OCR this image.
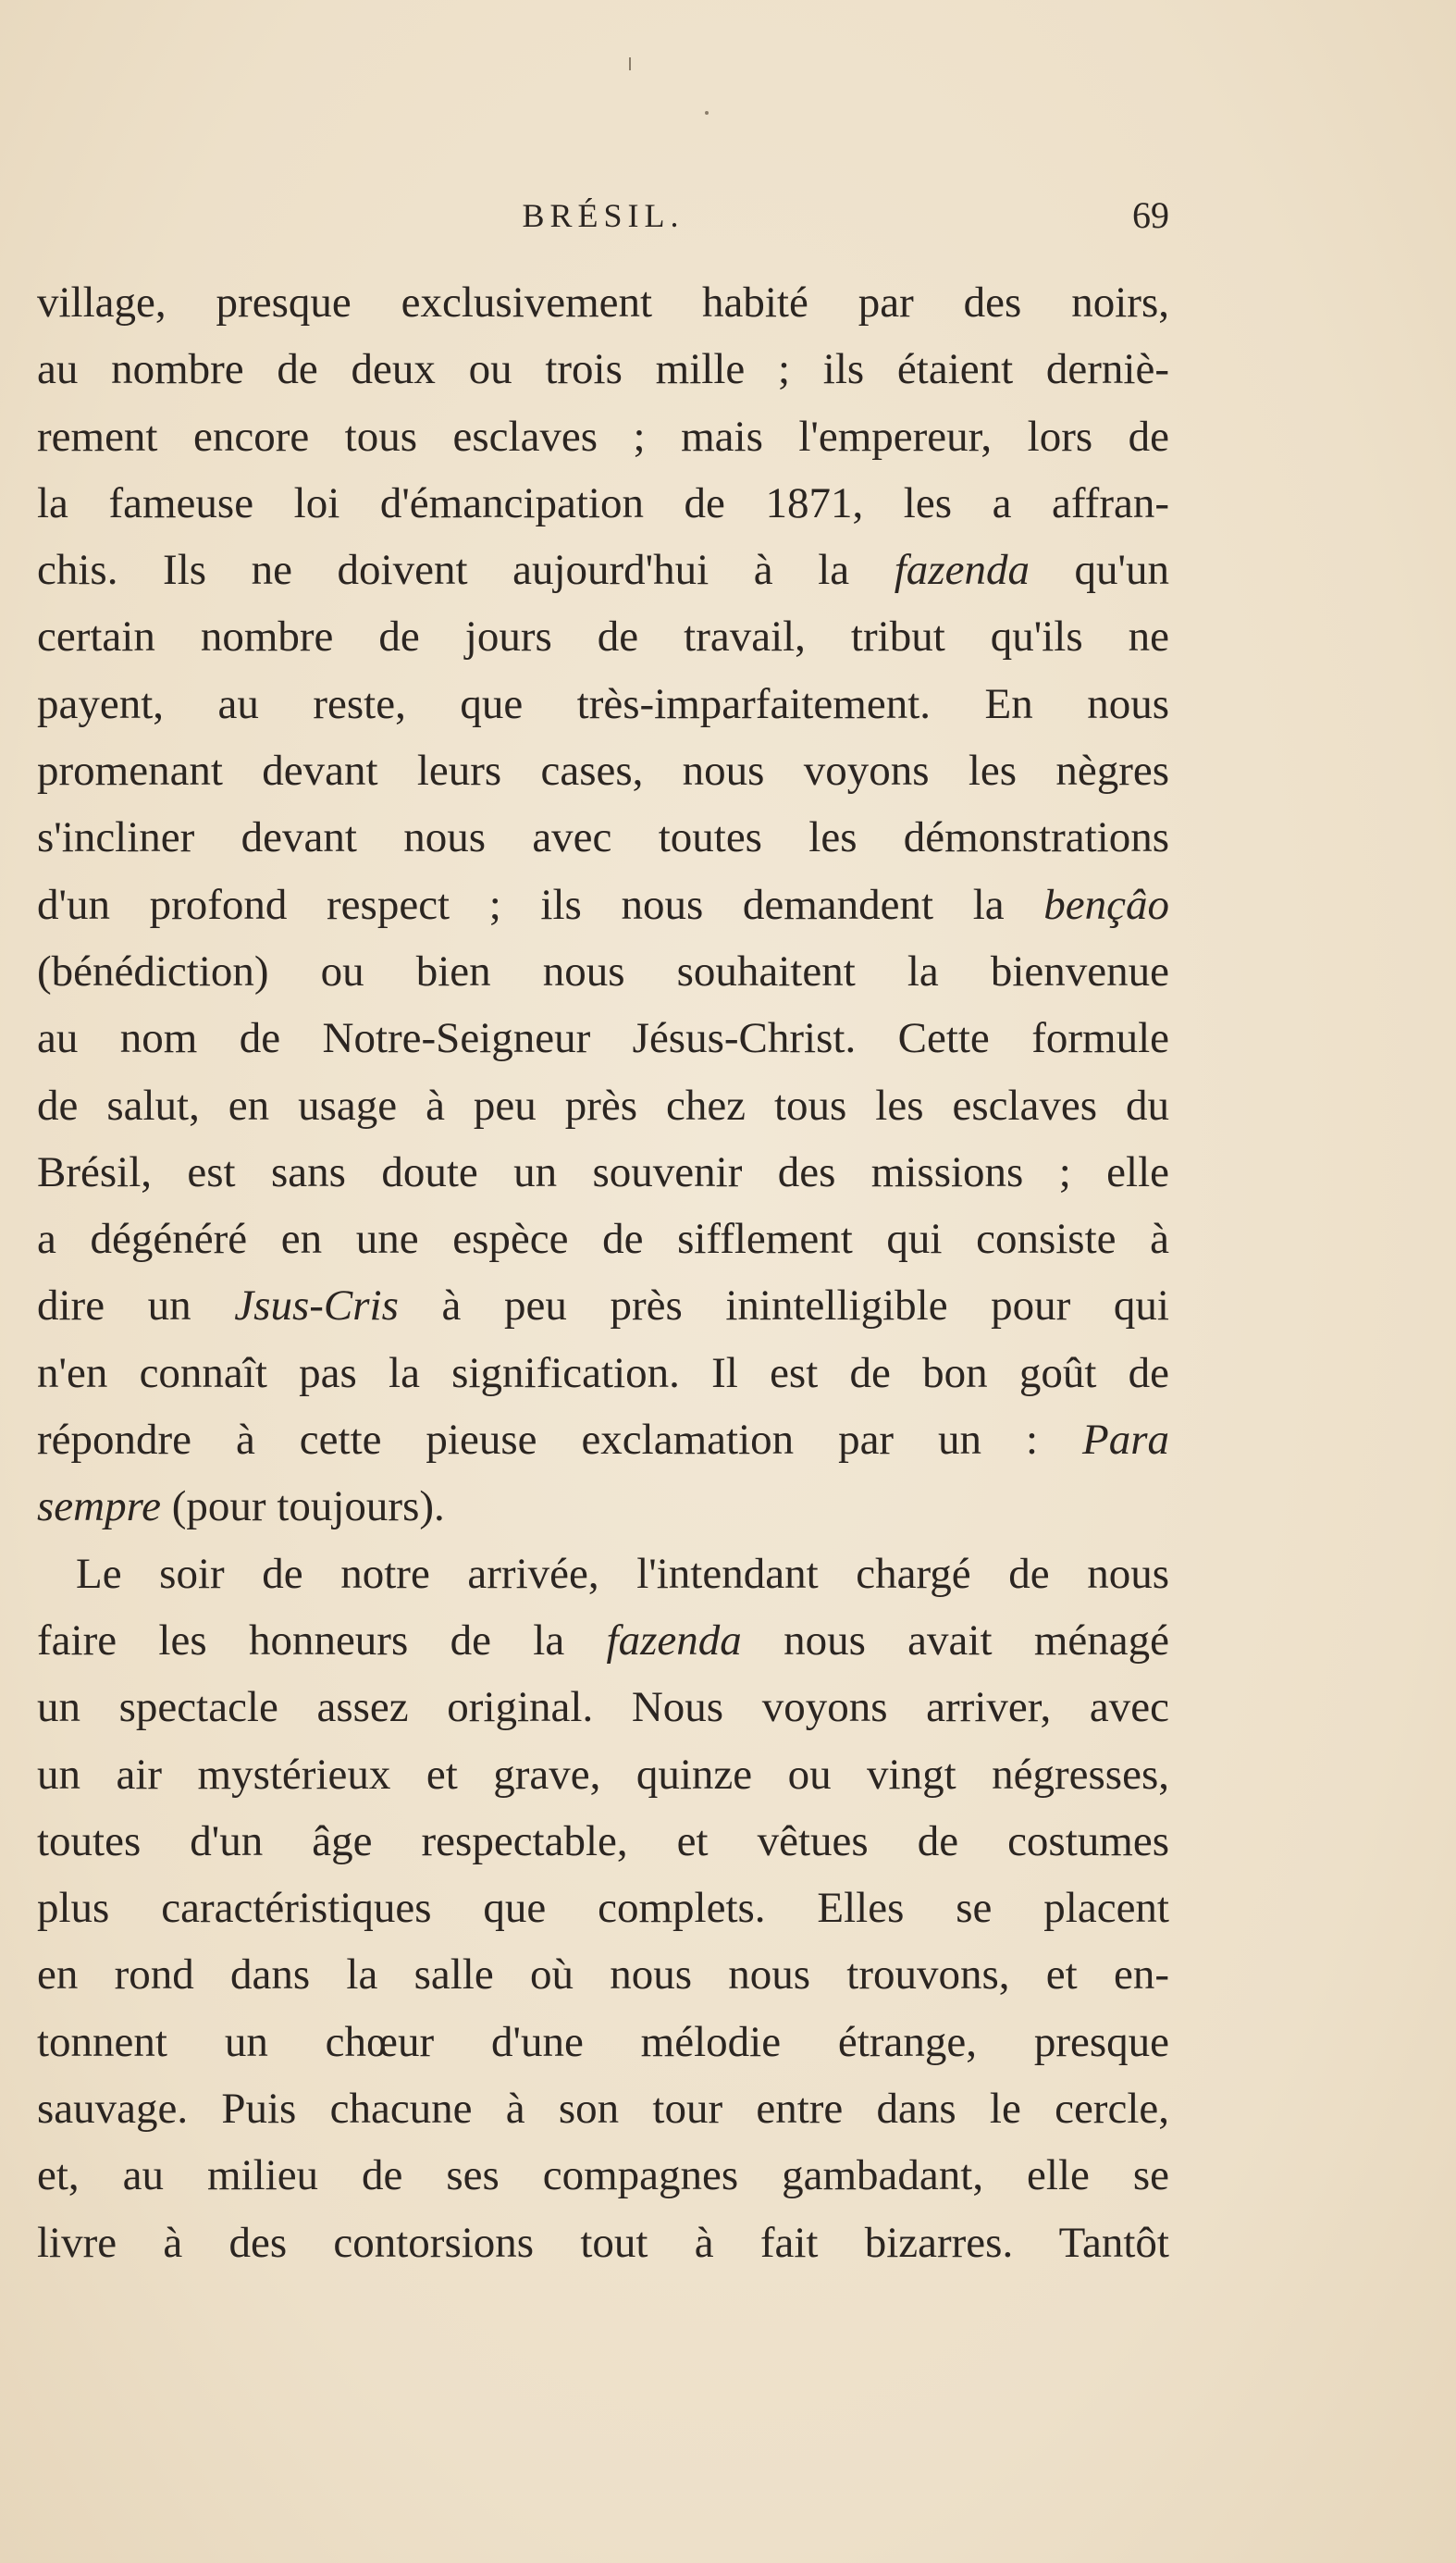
BRÉSIL.	69
village, presque exclusivement habité par des noirs,
au nombre de deux ou trois mille ; ils étaient derniè-
rement encore tous esclaves ; mais l'empereur, lors de
la fameuse loi d'émancipation de 1871, les a affran-
chis. Ils ne doivent aujourd'hui à la fazenda qu'un
certain nombre de jours de travail, tribut qu'ils ne
payent, au reste, que très-imparfaitement. En nous
promenant devant leurs cases, nous voyons les nègres
s'incliner devant nous avec toutes les démonstrations
d'un profond respect ; ils nous demandent la bençâo
(bénédiction) ou bien nous souhaitent la bienvenue
au nom de Notre-Seigneur Jésus-Christ. Cette formule
de salut, en usage à peu près chez tous les esclaves du
Brésil, est sans doute un souvenir des missions ; elle
a dégénéré en une espèce de sifflement qui consiste à
dire un Jsus-Cris à peu près inintelligible pour qui
n'en connaît pas la signification. Il est de bon goût de
répondre à cette pieuse exclamation par un : Para
sempre (pour toujours).
Le soir de notre arrivée, l'intendant chargé de nous
faire les honneurs de la fazenda nous avait ménagé
un spectacle assez original. Nous voyons arriver, avec
un air mystérieux et grave, quinze ou vingt négresses,
toutes d'un âge respectable, et vêtues de costumes
plus caractéristiques que complets. Elles se placent
en rond dans la salle où nous nous trouvons, et en-
tonnent un chœur d'une mélodie étrange, presque
sauvage. Puis chacune à son tour entre dans le cercle,
et, au milieu de ses compagnes gambadant, elle se
livre à des contorsions tout à fait bizarres. Tantôt
